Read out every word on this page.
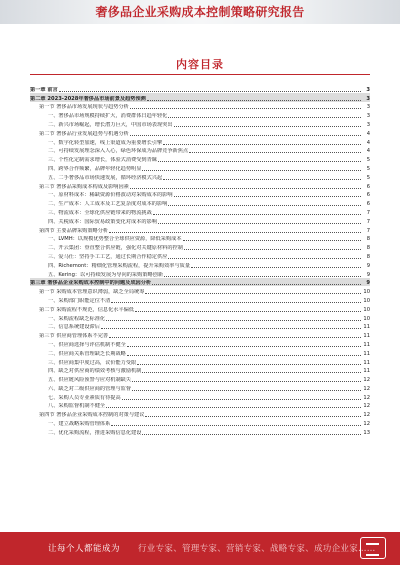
奢侈品企业采购成本控制策略研究报告
内容目录
第一章 前言	3
第二章 2023-2028年奢侈品市场前景及趋势预测	3
第一节 奢侈品市场发展现状与趋势分析	3
一、奢侈品市场规模持续扩大，消费群体日趋年轻化	3
二、新兴市场崛起，增长潜力巨大，中国市场表现突出	3
第二节 奢侈品行业发展趋势与机遇分析	4
一、数字化转型加速，线上渠道成为重要增长引擎	4
二、可持续发展理念深入人心，绿色环保成为品牌竞争新焦点	4
三、个性化定制需求增长，体验式消费受到青睐	5
四、跨界合作频繁，品牌年轻化趋势明显	5
五、二手奢侈品市场快速发展，循环经济模式兴起	5
第三节 奢侈品采购成本构成及影响因素	6
一、原材料成本：稀缺资源价格波动对采购成本的影响	6
二、生产成本：人工成本及工艺复杂度对成本的影响	6
三、物流成本：全球化供应链带来的物流挑战	7
四、关税成本：国际贸易政策变化对成本的影响	7
第四节 主要品牌采购策略分析	7
一、LVMH：以规模优势整合全球供应资源，降低采购成本	8
二、开云集团：垂直整合供应链，强化对关键原材料的控制	8
三、爱马仕：坚持手工工艺，通过长期合作稳定供应	8
四、Richemont：精细化管理采购流程，提升采购效率与质量	9
五、Kering：以可持续发展为导向的采购策略创新	9
第三章 奢侈品企业采购成本控制中的问题及成因分析	9
第一节 采购成本管理意识薄弱，缺乏全局统筹	10
一、采购部门职能定位不清	10
第二节 采购流程不规范，信息化水平偏低	10
一、采购流程缺乏标准化	10
二、信息系统建设滞后	11
第三节 供应商管理体系不完善	11
一、供应商选择与评估机制不健全	11
二、供应商关系管理缺乏长期战略	11
三、供应商集中度过高，议价能力受限	11
四、缺乏对供应商的绩效考核与激励机制	11
五、供应链风险预警与应对机制缺失	12
六、缺乏对二级供应商的管理与监督	12
七、采购人员专业素质有待提高	12
八、采购监督机制不健全	12
第四节 奢侈品企业采购成本控制的对策与建议	12
一、建立战略采购管理体系	12
二、优化采购流程，推进采购信息化建设	13
让每个人都能成为 行业专家、管理专家、营销专家、战略专家、成功企业家……
